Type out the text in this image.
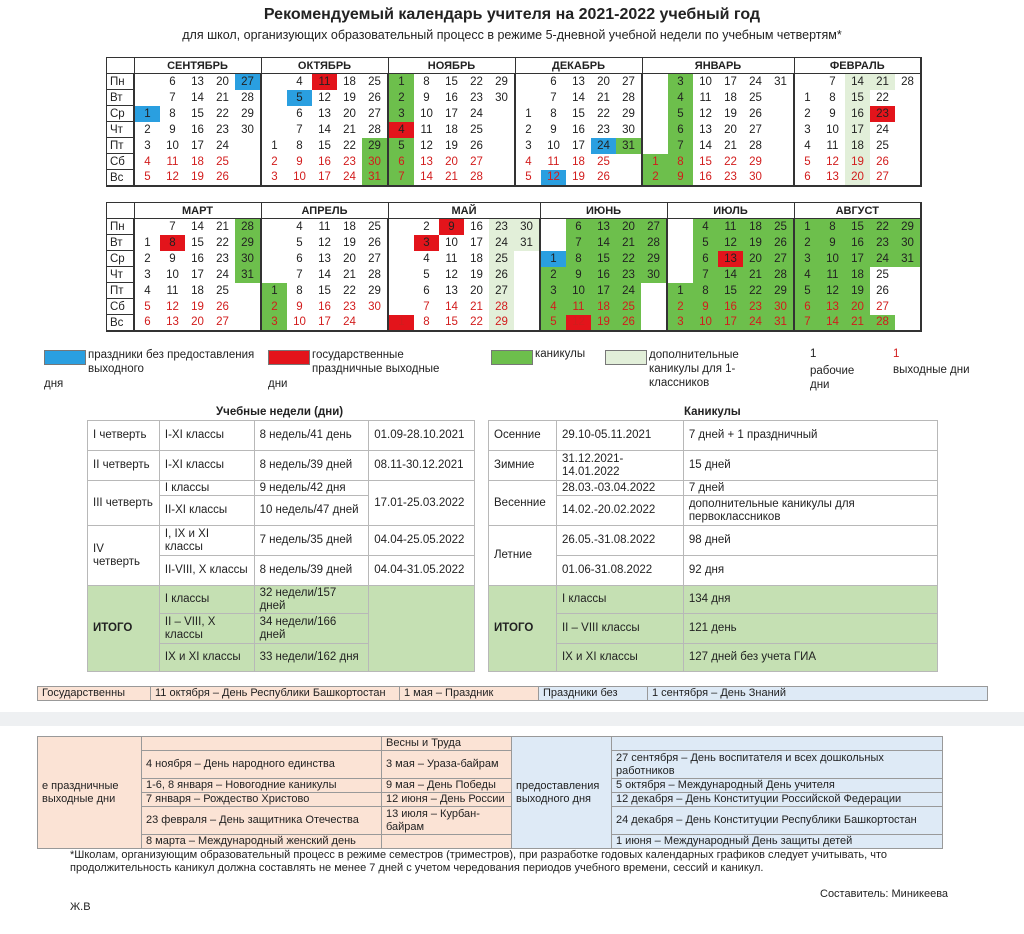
Рекомендуемый календарь учителя на 2021-2022 учебный год
для школ, организующих образовательный процесс в режиме 5-дневной учебной недели по учебным четвертям*
	СЕНТЯБРЬ					ОКТЯБРЬ					НОЯБРЬ					ДЕКАБРЬ					ЯНВАРЬ						ФЕВРАЛЬ				
Пн		6	13	20	27		4	11	18	25	1	8	15	22	29		6	13	20	27		3	10	17	24	31		7	14	21	28
Вт		7	14	21	28		5	12	19	26	2	9	16	23	30		7	14	21	28		4	11	18	25		1	8	15	22	
Ср	1	8	15	22	29		6	13	20	27	3	10	17	24		1	8	15	22	29		5	12	19	26		2	9	16	23	
Чт	2	9	16	23	30		7	14	21	28	4	11	18	25		2	9	16	23	30		6	13	20	27		3	10	17	24	
Пт	3	10	17	24		1	8	15	22	29	5	12	19	26		3	10	17	24	31		7	14	21	28		4	11	18	25	
Сб	4	11	18	25		2	9	16	23	30	6	13	20	27		4	11	18	25		1	8	15	22	29		5	12	19	26	
Вс	5	12	19	26		3	10	17	24	31	7	14	21	28		5	12	19	26		2	9	16	23	30		6	13	20	27	
	МАРТ					АПРЕЛЬ					МАЙ						ИЮНЬ					ИЮЛЬ					АВГУСТ				
Пн		7	14	21	28		4	11	18	25		2	9	16	23	30		6	13	20	27		4	11	18	25	1	8	15	22	29
Вт	1	8	15	22	29		5	12	19	26		3	10	17	24	31		7	14	21	28		5	12	19	26	2	9	16	23	30
Ср	2	9	16	23	30		6	13	20	27		4	11	18	25		1	8	15	22	29		6	13	20	27	3	10	17	24	31
Чт	3	10	17	24	31		7	14	21	28		5	12	19	26		2	9	16	23	30		7	14	21	28	4	11	18	25	
Пт	4	11	18	25		1	8	15	22	29		6	13	20	27		3	10	17	24		1	8	15	22	29	5	12	19	26	
Сб	5	12	19	26		2	9	16	23	30		7	14	21	28		4	11	18	25		2	9	16	23	30	6	13	20	27	
Вс	6	13	20	27		3	10	17	24		1	8	15	22	29		5	12	19	26		3	10	17	24	31	7	14	21	28	
праздники без предоставления выходного
дня
государственные праздничные выходные
дни
каникулы	дополнительные каникулы для 1-классников
1
рабочие дни
1
выходные дни
Учебные недели (дни)
I четверть	I-XI классы	8 недель/41 день	01.09-28.10.2021
II четверть	I-XI классы	8 недель/39 дней	08.11-30.12.2021
III четверть	I классы	9 недель/42 дня	17.01-25.03.2022
	II-XI классы	10 недель/47 дней	
IV четверть	I, IX и XI классы	7 недель/35 дней	04.04-25.05.2022
	II-VIII, X классы	8 недель/39 дней	04.04-31.05.2022
ИТОГО	I классы	32 недели/157 дней	
	II – VIII, X классы	34 недели/166 дней	
	IX и XI классы	33 недели/162 дня	
Каникулы
Осенние	29.10-05.11.2021	7 дней + 1 праздничный
Зимние	31.12.2021-14.01.2022	15 дней
Весенние	28.03.-03.04.2022	7 дней
	14.02.-20.02.2022	дополнительные каникулы для первоклассников
Летние	26.05.-31.08.2022	98 дней
	01.06-31.08.2022	92 дня
ИТОГО	I классы	134 дня
	II – VIII классы	121 день
	IX и XI классы	127 дней без учета ГИА
Государственны	11 октября – День Республики Башкортостан	1 мая – Праздник	Праздники без	1 сентября – День Знаний
е праздничные выходные дни		Весны и Труда	предоставления выходного дня	
	4 ноября – День народного единства	3 мая – Ураза-байрам		27 сентября – День воспитателя и всех дошкольных работников
	1-6, 8 января – Новогодние каникулы	9 мая – День Победы		5 октября – Международный День учителя
	7 января – Рождество Христово	12 июня – День России		12 декабря – День Конституции Российской Федерации
	23 февраля – День защитника Отечества	13 июля – Курбан-байрам		24 декабря – День Конституции Республики Башкортостан
	8 марта – Международный женский день			1 июня – Международный День защиты детей
*Школам, организующим образовательный процесс в режиме семестров (триместров), при разработке годовых календарных графиков следует учитывать, что продолжительность каникул должна составлять не менее 7 дней с учетом чередования периодов учебного времени, сессий и каникул.
Составитель: Миникеева
Ж.В
